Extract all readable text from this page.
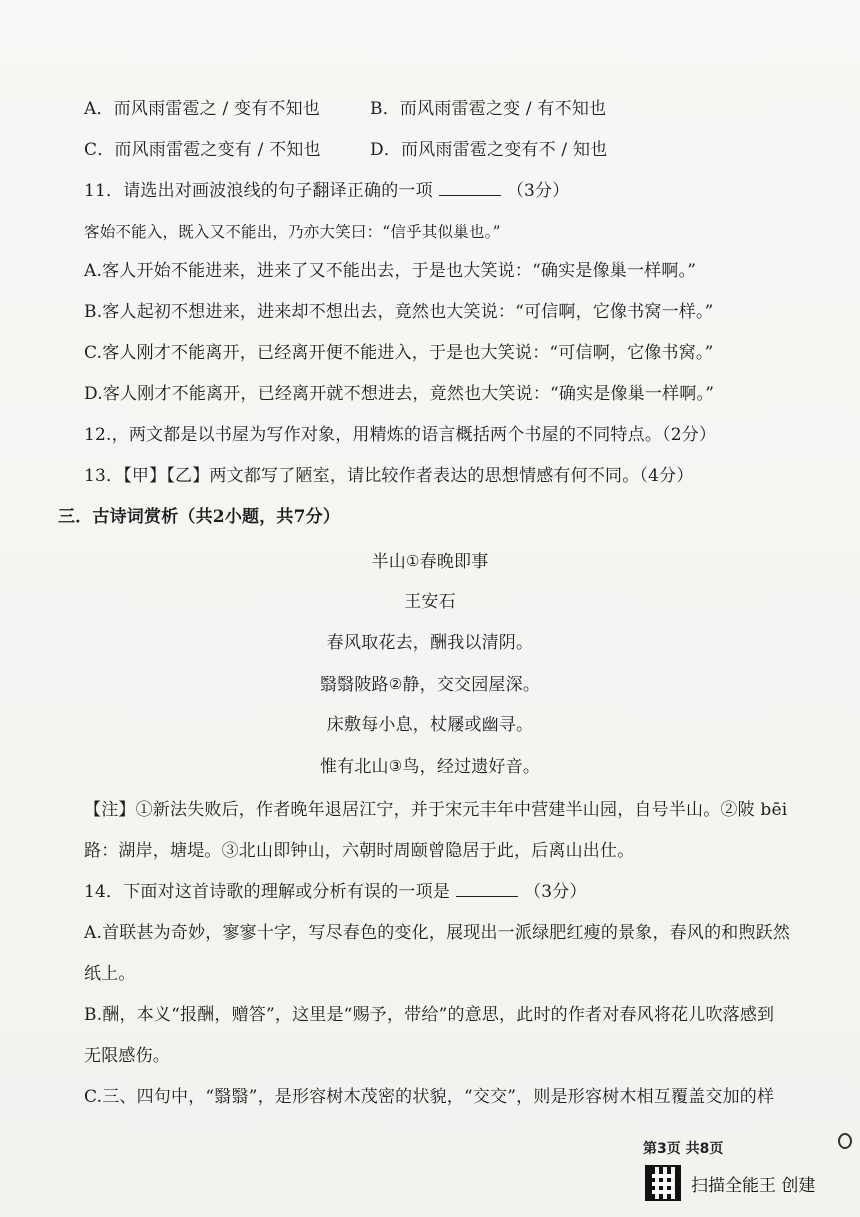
A．而风雨雷雹之 / 变有不知也	B．而风雨雷雹之变 / 有不知也
C．而风雨雷雹之变有 / 不知也	D．而风雨雷雹之变有不 / 知也
11．请选出对画波浪线的句子翻译正确的一项	（3分）
客始不能入，既入又不能出，乃亦大笑曰：“信乎其似巢也。”
A.客人开始不能进来，进来了又不能出去，于是也大笑说：“确实是像巢一样啊。”
B.客人起初不想进来，进来却不想出去，竟然也大笑说：“可信啊，它像书窝一样。”
C.客人刚才不能离开，已经离开便不能进入，于是也大笑说：“可信啊，它像书窝。”
D.客人刚才不能离开，已经离开就不想进去，竟然也大笑说：“确实是像巢一样啊。”
12.，两文都是以书屋为写作对象，用精炼的语言概括两个书屋的不同特点。（2分）
13．【甲】【乙】两文都写了陋室，请比较作者表达的思想情感有何不同。（4分）
三．古诗词赏析（共2小题，共7分）
半山①春晚即事
王安石
春风取花去，酬我以清阴。
翳翳陂路②静，交交园屋深。
床敷每小息，杖屦或幽寻。
惟有北山③鸟，经过遗好音。
【注】①新法失败后，作者晚年退居江宁，并于宋元丰年中营建半山园，自号半山。②陂 bēi
路：湖岸，塘堤。③北山即钟山，六朝时周颐曾隐居于此，后离山出仕。
14．下面对这首诗歌的理解或分析有误的一项是	（3分）
A.首联甚为奇妙，寥寥十字，写尽春色的变化，展现出一派绿肥红瘦的景象，春风的和煦跃然
纸上。
B.酬，本义“报酬，赠答”，这里是“赐予，带给”的意思，此时的作者对春风将花儿吹落感到
无限感伤。
C.三、四句中，“翳翳”，是形容树木茂密的状貌，“交交”，则是形容树木相互覆盖交加的样
第3页 共8页
扫描全能王 创建
